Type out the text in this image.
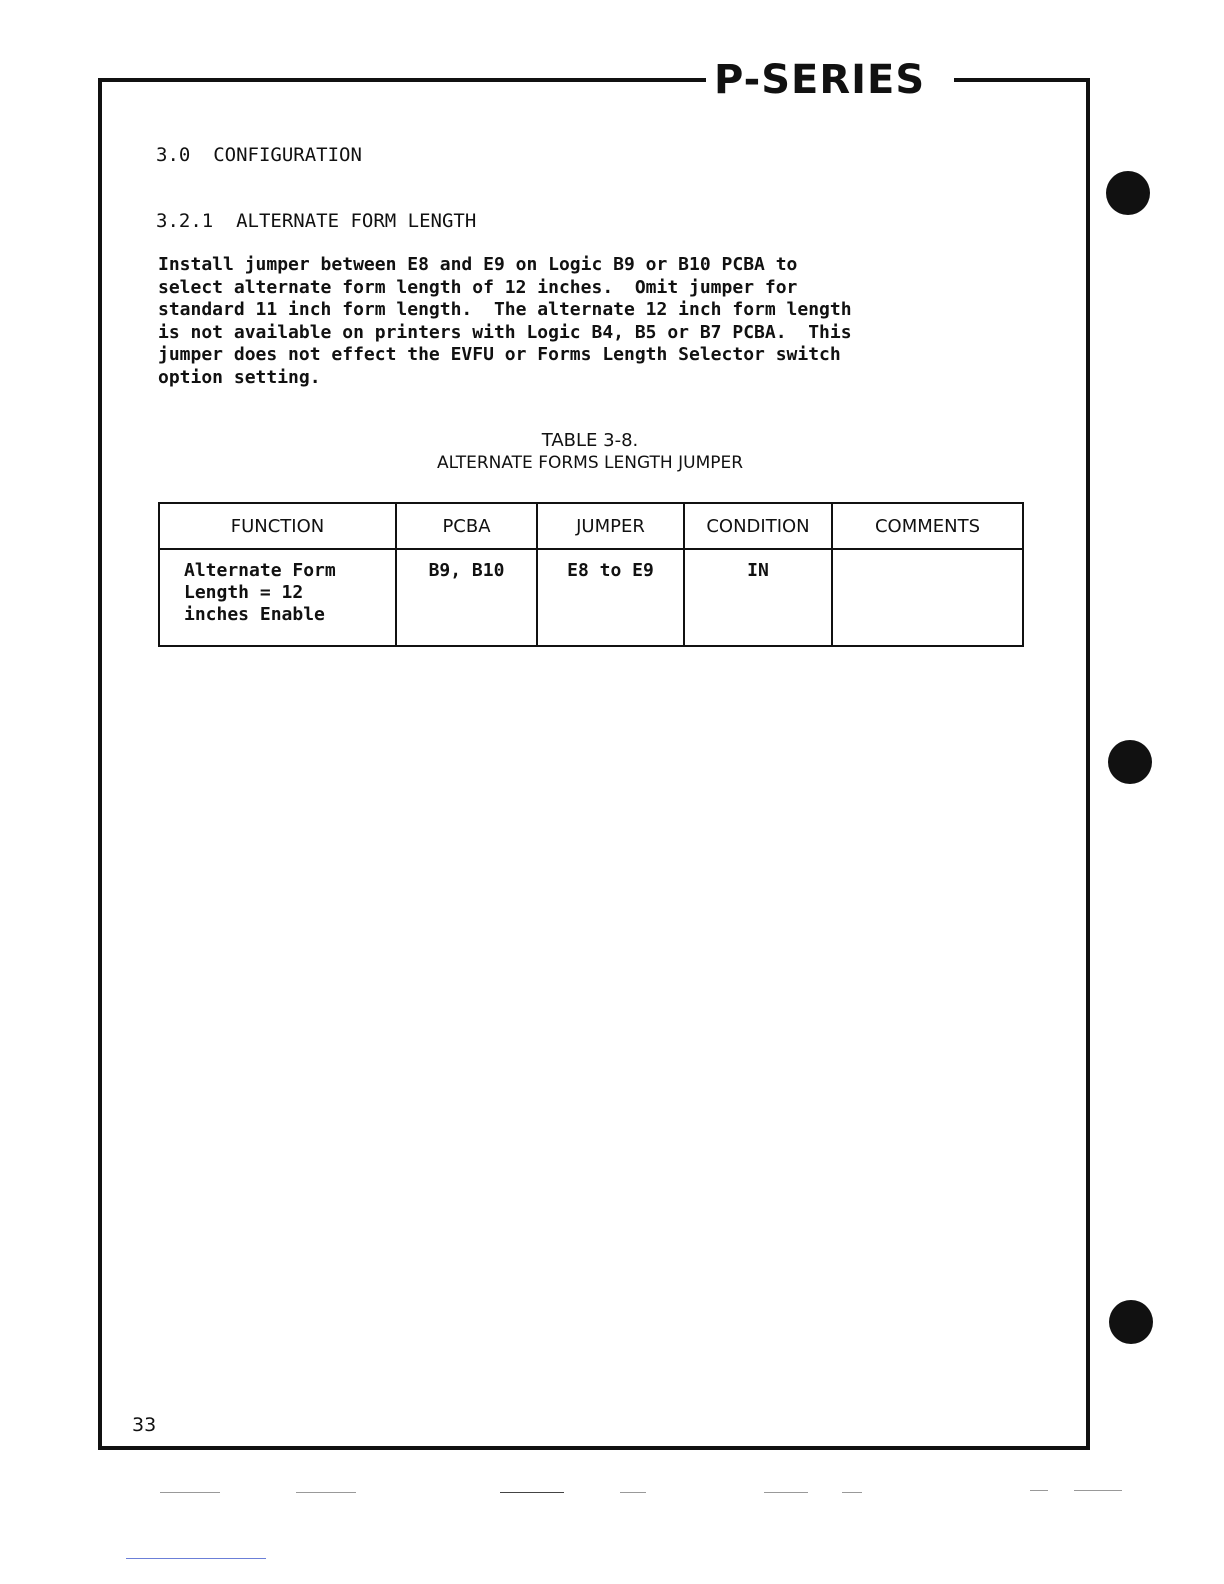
P-SERIES
3.0  CONFIGURATION
3.2.1  ALTERNATE FORM LENGTH
Install jumper between E8 and E9 on Logic B9 or B10 PCBA to
select alternate form length of 12 inches.  Omit jumper for
standard 11 inch form length.  The alternate 12 inch form length
is not available on printers with Logic B4, B5 or B7 PCBA.  This
jumper does not effect the EVFU or Forms Length Selector switch
option setting.
TABLE 3-8.
ALTERNATE FORMS LENGTH JUMPER
FUNCTION	PCBA	JUMPER	CONDITION	COMMENTS

Alternate Form
Length = 12
inches Enable	B9, B10	E8 to E9	IN	
33
